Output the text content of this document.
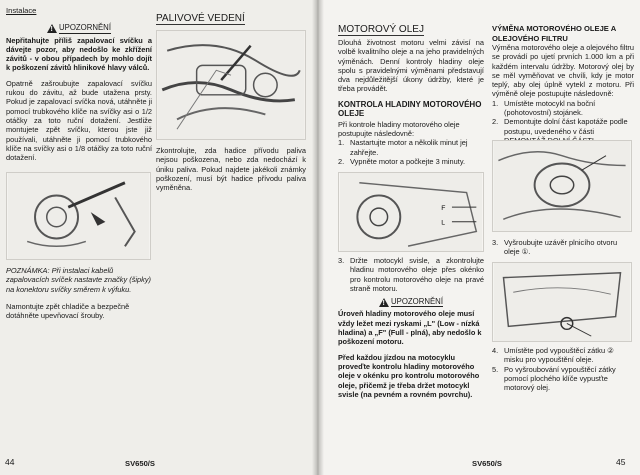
Instalace
!
UPOZORNĚNÍ

Nepřitahujte příliš zapalovací svíčku a dávejte pozor, aby nedošlo ke zkřížení závitů - v obou případech by mohlo dojít k poškození závitů hlinikové hlavy válců.

Opatrně zašroubujte zapalovací svíčku rukou do závitu, až bude utažena prsty. Pokud je zapalovací svíčka nová, utáhněte ji pomocí trubkového klíče na svíčky asi o 1/2 otáčky za toto ruční dotažení. Jestliže montujete zpět svíčku, kterou jste již používali, utáhněte ji pomocí trubkového klíče na svíčky asi o 1/8 otáčky za toto ruční dotažení.

PALIVOVÉ VEDENÍ

Zkontrolujte, zda hadice přívodu paliva nejsou poškozena, nebo zda nedochází k úniku paliva. Pokud najdete jakékoli známky poškození, musí být hadice přívodu paliva vyměněna.

POZNÁMKA: Při instalaci kabelů zapalovacích svíček nastavte značky (šipky) na konektoru svíčky směrem k výfuku.

Namontujte zpět chladiče a bezpečně dotáhněte upevňovací šrouby.

44	SV650/S
MOTOROVÝ OLEJ

Dlouhá životnost motoru velmi závisí na volbě kvalitního oleje a na jeho pravidelných výměnách. Denní kontroly hladiny oleje spolu s pravidelnými výměnami představují dva nejdůležitější úkony údržby, které je třeba provádět.

KONTROLA HLADINY MOTOROVÉHO OLEJE

Při kontrole hladiny motorového oleje postupujte následovně:

1. Nastartujte motor a několik minut jej zahřejte.
2. Vypněte motor a počkejte 3 minuty.
F
L
3. Držte motocykl svisle, a zkontrolujte hladinu motorového oleje přes okénko pro kontrolu motorového oleje na pravé straně motoru.
!
UPOZORNĚNÍ

Úroveň hladiny motorového oleje musí vždy ležet mezi ryskami „L" (Low - nízká hladina) a „F" (Full - plná), aby nedošlo k poškození motoru.

Před každou jízdou na motocyklu proveďte kontrolu hladiny motorového oleje v okénku pro kontrolu motorového oleje, přičemž je třeba držet motocykl svisle (na pevném a rovném povrchu).

VÝMĚNA MOTOROVÉHO OLEJE A OLEJOVÉHO FILTRU

Výměna motorového oleje a olejového filtru se provádí po ujetí prvních 1.000 km a při každém intervalu údržby. Motorový olej by se měl vyměňovat ve chvíli, kdy je motor teplý, aby olej úplně vytekl z motoru. Při výměně oleje postupujte následovně:

1. Umístěte motocykl na boční (pohotovostní) stojánek.
2. Demontujte dolní část kapotáže podle postupu, uvedeného v části
3. Vyšroubujte uzávěr plnicího otvoru oleje ①.
4. Umístěte pod vypouštěcí zátku ② misku pro vypouštění oleje.
5. Po vyšroubování vypouštěcí zátky pomocí plochého klíče vypusťte motorový olej.
SV650/S	45
